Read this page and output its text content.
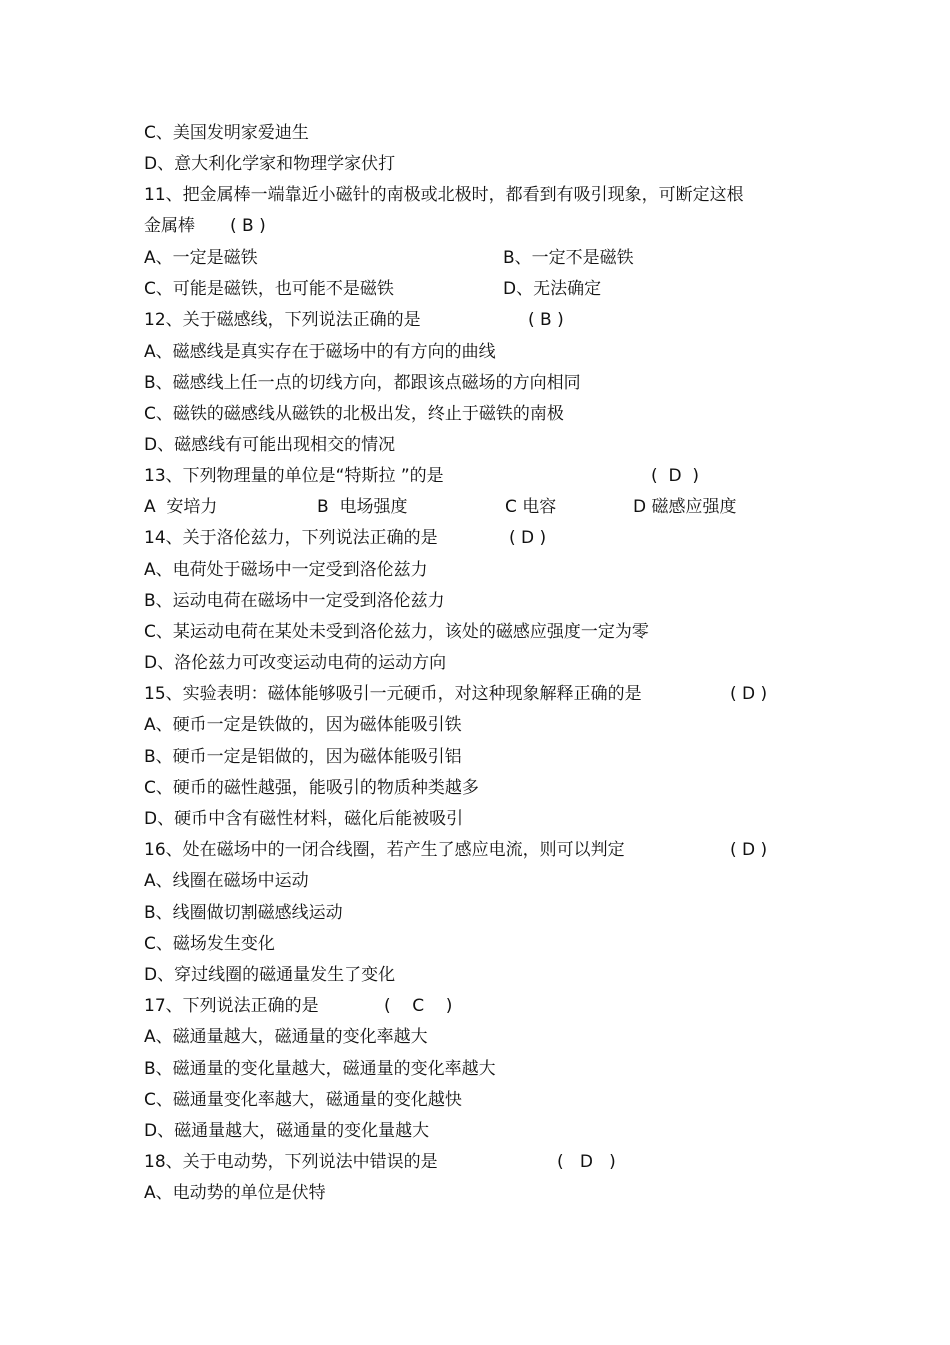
C、美国发明家爱迪生
D、意大利化学家和物理学家伏打
11、把金属棒一端靠近小磁针的南极或北极时，都看到有吸引现象，可断定这根
金属棒 ( B )
A、一定是磁铁	B、一定不是磁铁
C、可能是磁铁，也可能不是磁铁	D、无法确定
12、关于磁感线，下列说法正确的是	( B )
A、磁感线是真实存在于磁场中的有方向的曲线
B、磁感线上任一点的切线方向，都跟该点磁场的方向相同
C、磁铁的磁感线从磁铁的北极出发，终止于磁铁的南极
D、磁感线有可能出现相交的情况
13、下列物理量的单位是“特斯拉 ”的是	(  D  )
A  安培力	B  电场强度	C 电容	D 磁感应强度
14、关于洛伦兹力，下列说法正确的是	( D )
A、电荷处于磁场中一定受到洛伦兹力
B、运动电荷在磁场中一定受到洛伦兹力
C、某运动电荷在某处未受到洛伦兹力，该处的磁感应强度一定为零
D、洛伦兹力可改变运动电荷的运动方向
15、实验表明：磁体能够吸引一元硬币，对这种现象解释正确的是	( D )
A、硬币一定是铁做的，因为磁体能吸引铁
B、硬币一定是铝做的，因为磁体能吸引铝
C、硬币的磁性越强，能吸引的物质种类越多
D、硬币中含有磁性材料，磁化后能被吸引
16、处在磁场中的一闭合线圈，若产生了感应电流，则可以判定	( D )
A、线圈在磁场中运动
B、线圈做切割磁感线运动
C、磁场发生变化
D、穿过线圈的磁通量发生了变化
17、下列说法正确的是	(    C    )
A、磁通量越大，磁通量的变化率越大
B、磁通量的变化量越大，磁通量的变化率越大
C、磁通量变化率越大，磁通量的变化越快
D、磁通量越大，磁通量的变化量越大
18、关于电动势，下列说法中错误的是	(   D   )
A、电动势的单位是伏特
